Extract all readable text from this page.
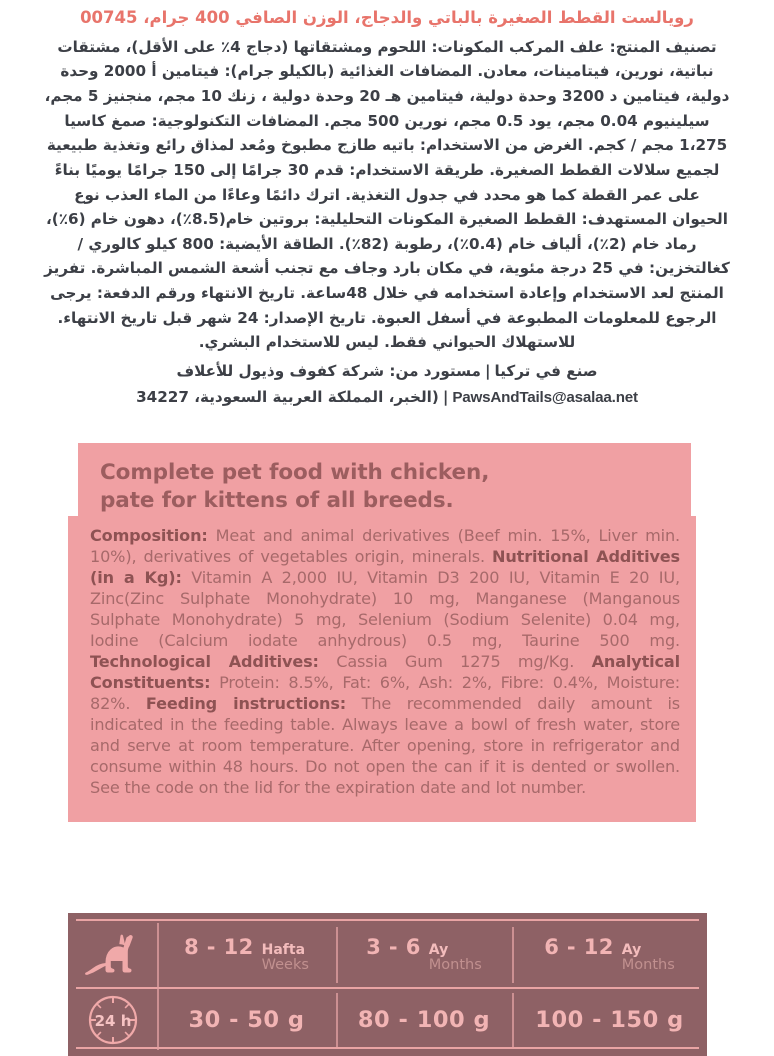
رويالست القطط الصغيرة بالباتي والدجاج، الوزن الصافي 400 جرام، 00745
تصنيف المنتج: علف المركب المكونات: اللحوم ومشتقاتها (دجاج 4٪ على الأقل)، مشتقات نباتية، نورين، فيتامينات، معادن. المضافات الغذائية (بالكيلو جرام): فيتامين أ 2000 وحدة دولية، فيتامين د 3200 وحدة دولية، فيتامين هـ 20 وحدة دولية ، زنك 10 مجم، منجنيز 5 مجم، سيلينيوم 0.04 مجم، يود 0.5 مجم، نورين 500 مجم. المضافات التكنولوجية: صمغ كاسيا 1،275 مجم / كجم. الغرض من الاستخدام: باتيه طازج مطبوخ ومُعد لمذاق رائع وتغذية طبيعية لجميع سلالات القطط الصغيرة. طريقة الاستخدام: قدم 30 جرامًا إلى 150 جرامًا يوميًا بناءً على عمر القطة كما هو محدد في جدول التغذية. اترك دائمًا وعاءًا من الماء العذب نوع الحيوان المستهدف: القطط الصغيرة المكونات التحليلية: بروتين خام(8.5٪)، دهون خام (6٪)، رماد خام (2٪)، ألياف خام (0.4٪)، رطوبة (82٪). الطاقة الأيضية: 800 كيلو كالوري / كغالتخزين: في 25 درجة مئوية، في مكان بارد وجاف مع تجنب أشعة الشمس المباشرة. تفريز المنتج لعد الاستخدام وإعادة استخدامه في خلال 48ساعة. تاريخ الانتهاء ورقم الدفعة: يرجى الرجوع للمعلومات المطبوعة في أسفل العبوة. تاريخ الإصدار: 24 شهر قبل تاريخ الانتهاء. للاستهلاك الحيواني فقط. ليس للاستخدام البشري.
صنع في تركيا|مستورد من: شركة كفوف وذيول للأعلاف
PawsAndTails@asalaa.net|(الخبر، المملكة العربية السعودية، 34227
Complete pet food with chicken,
pate for kittens of all breeds.

Composition: Meat and animal derivatives (Beef min. 15%, Liver min. 10%), derivatives of vegetables origin, minerals. Nutritional Additives (in a Kg): Vitamin A 2,000 IU, Vitamin D3 200 IU, Vitamin E 20 IU, Zinc(Zinc Sulphate Monohydrate) 10 mg, Manganese (Manganous Sulphate Monohydrate) 5 mg, Selenium (Sodium Selenite) 0.04 mg, Iodine (Calcium iodate anhydrous) 0.5 mg, Taurine 500 mg. Technological Additives: Cassia Gum 1275 mg/Kg. Analytical Constituents: Protein: 8.5%, Fat: 6%, Ash: 2%, Fibre: 0.4%, Moisture: 82%. Feeding instructions: The recommended daily amount is indicated in the feeding table. Always leave a bowl of fresh water, store and serve at room temperature. After opening, store in refrigerator and consume within 48 hours. Do not open the can if it is dented or swollen. See the code on the lid for the expiration date and lot number.

8 - 12 Hafta
Weeks
3 - 6 Ay
Months
6 - 12 Ay
Months
24 h	30 - 50 g 80 - 100 g 100 - 150 g
